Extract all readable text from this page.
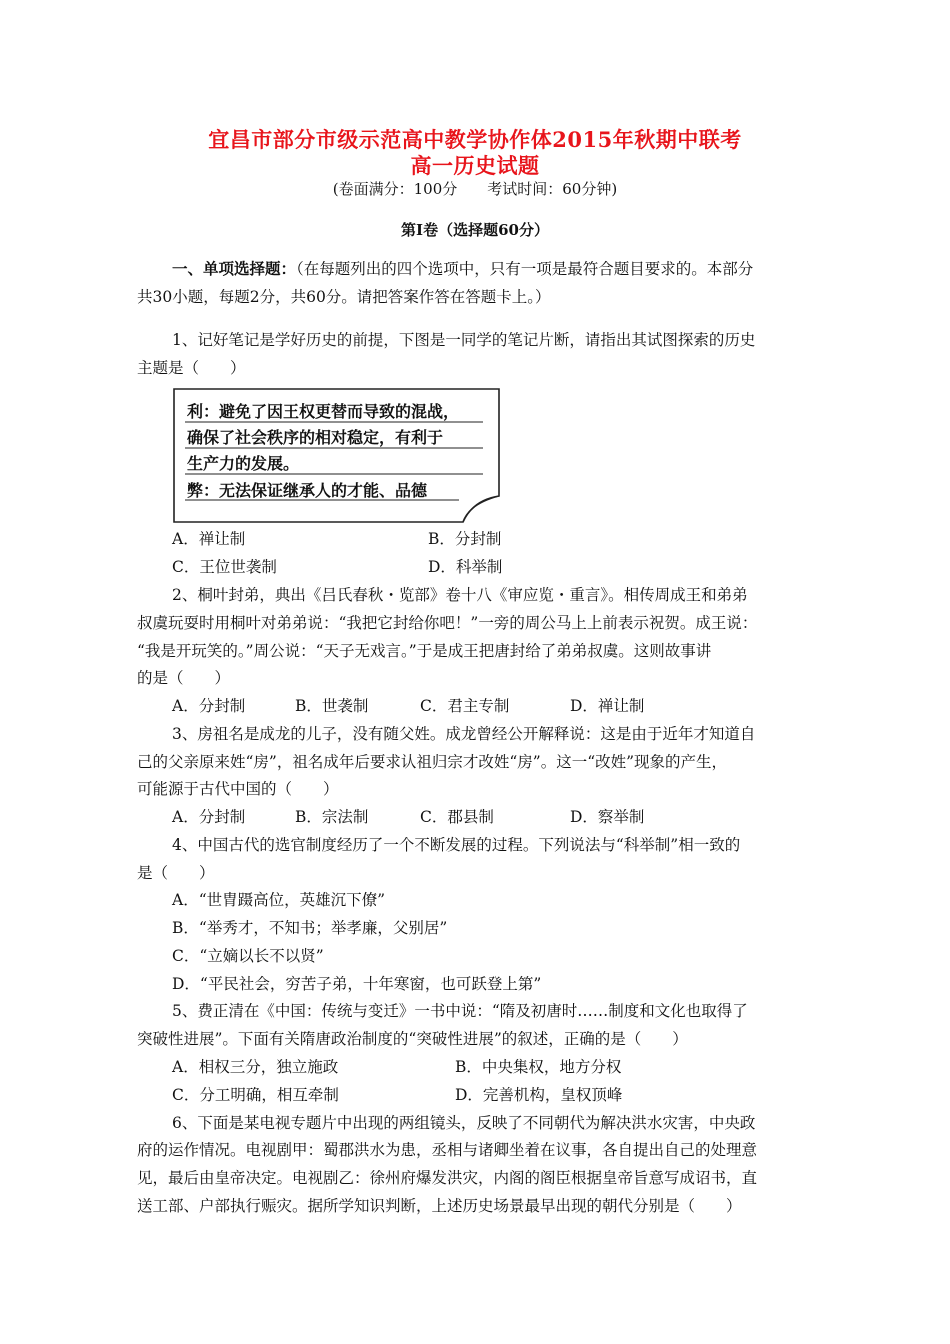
宜昌市部分市级示范高中教学协作体2015年秋期中联考
高一历史试题
(卷面满分：100分　　考试时间：60分钟)
第Ⅰ卷（选择题60分）
一、单项选择题：（在每题列出的四个选项中，只有一项是最符合题目要求的。本部分
共30小题，每题2分，共60分。请把答案作答在答题卡上。）
1、记好笔记是学好历史的前提，下图是一同学的笔记片断，请指出其试图探索的历史
主题是（　　）
利：避免了因王权更替而导致的混战，
确保了社会秩序的相对稳定，有利于
生产力的发展。
弊：无法保证继承人的才能、品德
A．禅让制	B．分封制
C．王位世袭制	D．科举制
2、桐叶封弟，典出《吕氏春秋・览部》卷十八《审应览・重言》。相传周成王和弟弟
叔虞玩耍时用桐叶对弟弟说：“我把它封给你吧！”一旁的周公马上上前表示祝贺。成王说：
“我是开玩笑的。”周公说：“天子无戏言。”于是成王把唐封给了弟弟叔虞。这则故事讲
的是（　　）
A．分封制	B．世袭制	C．君主专制	D．禅让制
3、房祖名是成龙的儿子，没有随父姓。成龙曾经公开解释说：这是由于近年才知道自
己的父亲原来姓“房”，祖名成年后要求认祖归宗才改姓“房”。这一“改姓”现象的产生，
可能源于古代中国的（　　）
A．分封制	B．宗法制	C．郡县制	D．察举制
4、中国古代的选官制度经历了一个不断发展的过程。下列说法与“科举制”相一致的
是（　　）
A．“世胄蹑高位，英雄沉下僚”
B．“举秀才，不知书；举孝廉，父别居”
C．“立嫡以长不以贤”
D．“平民社会，穷苦子弟，十年寒窗，也可跃登上第”
5、费正清在《中国：传统与变迁》一书中说：“隋及初唐时……制度和文化也取得了
突破性进展”。下面有关隋唐政治制度的“突破性进展”的叙述，正确的是（　　）
A．相权三分，独立施政	B．中央集权，地方分权
C．分工明确，相互牵制	D．完善机构，皇权顶峰
6、下面是某电视专题片中出现的两组镜头，反映了不同朝代为解决洪水灾害，中央政
府的运作情况。电视剧甲：蜀郡洪水为患，丞相与诸卿坐着在议事，各自提出自己的处理意
见，最后由皇帝决定。电视剧乙：徐州府爆发洪灾，内阁的阁臣根据皇帝旨意写成诏书，直
送工部、户部执行赈灾。据所学知识判断，上述历史场景最早出现的朝代分别是（　　）
